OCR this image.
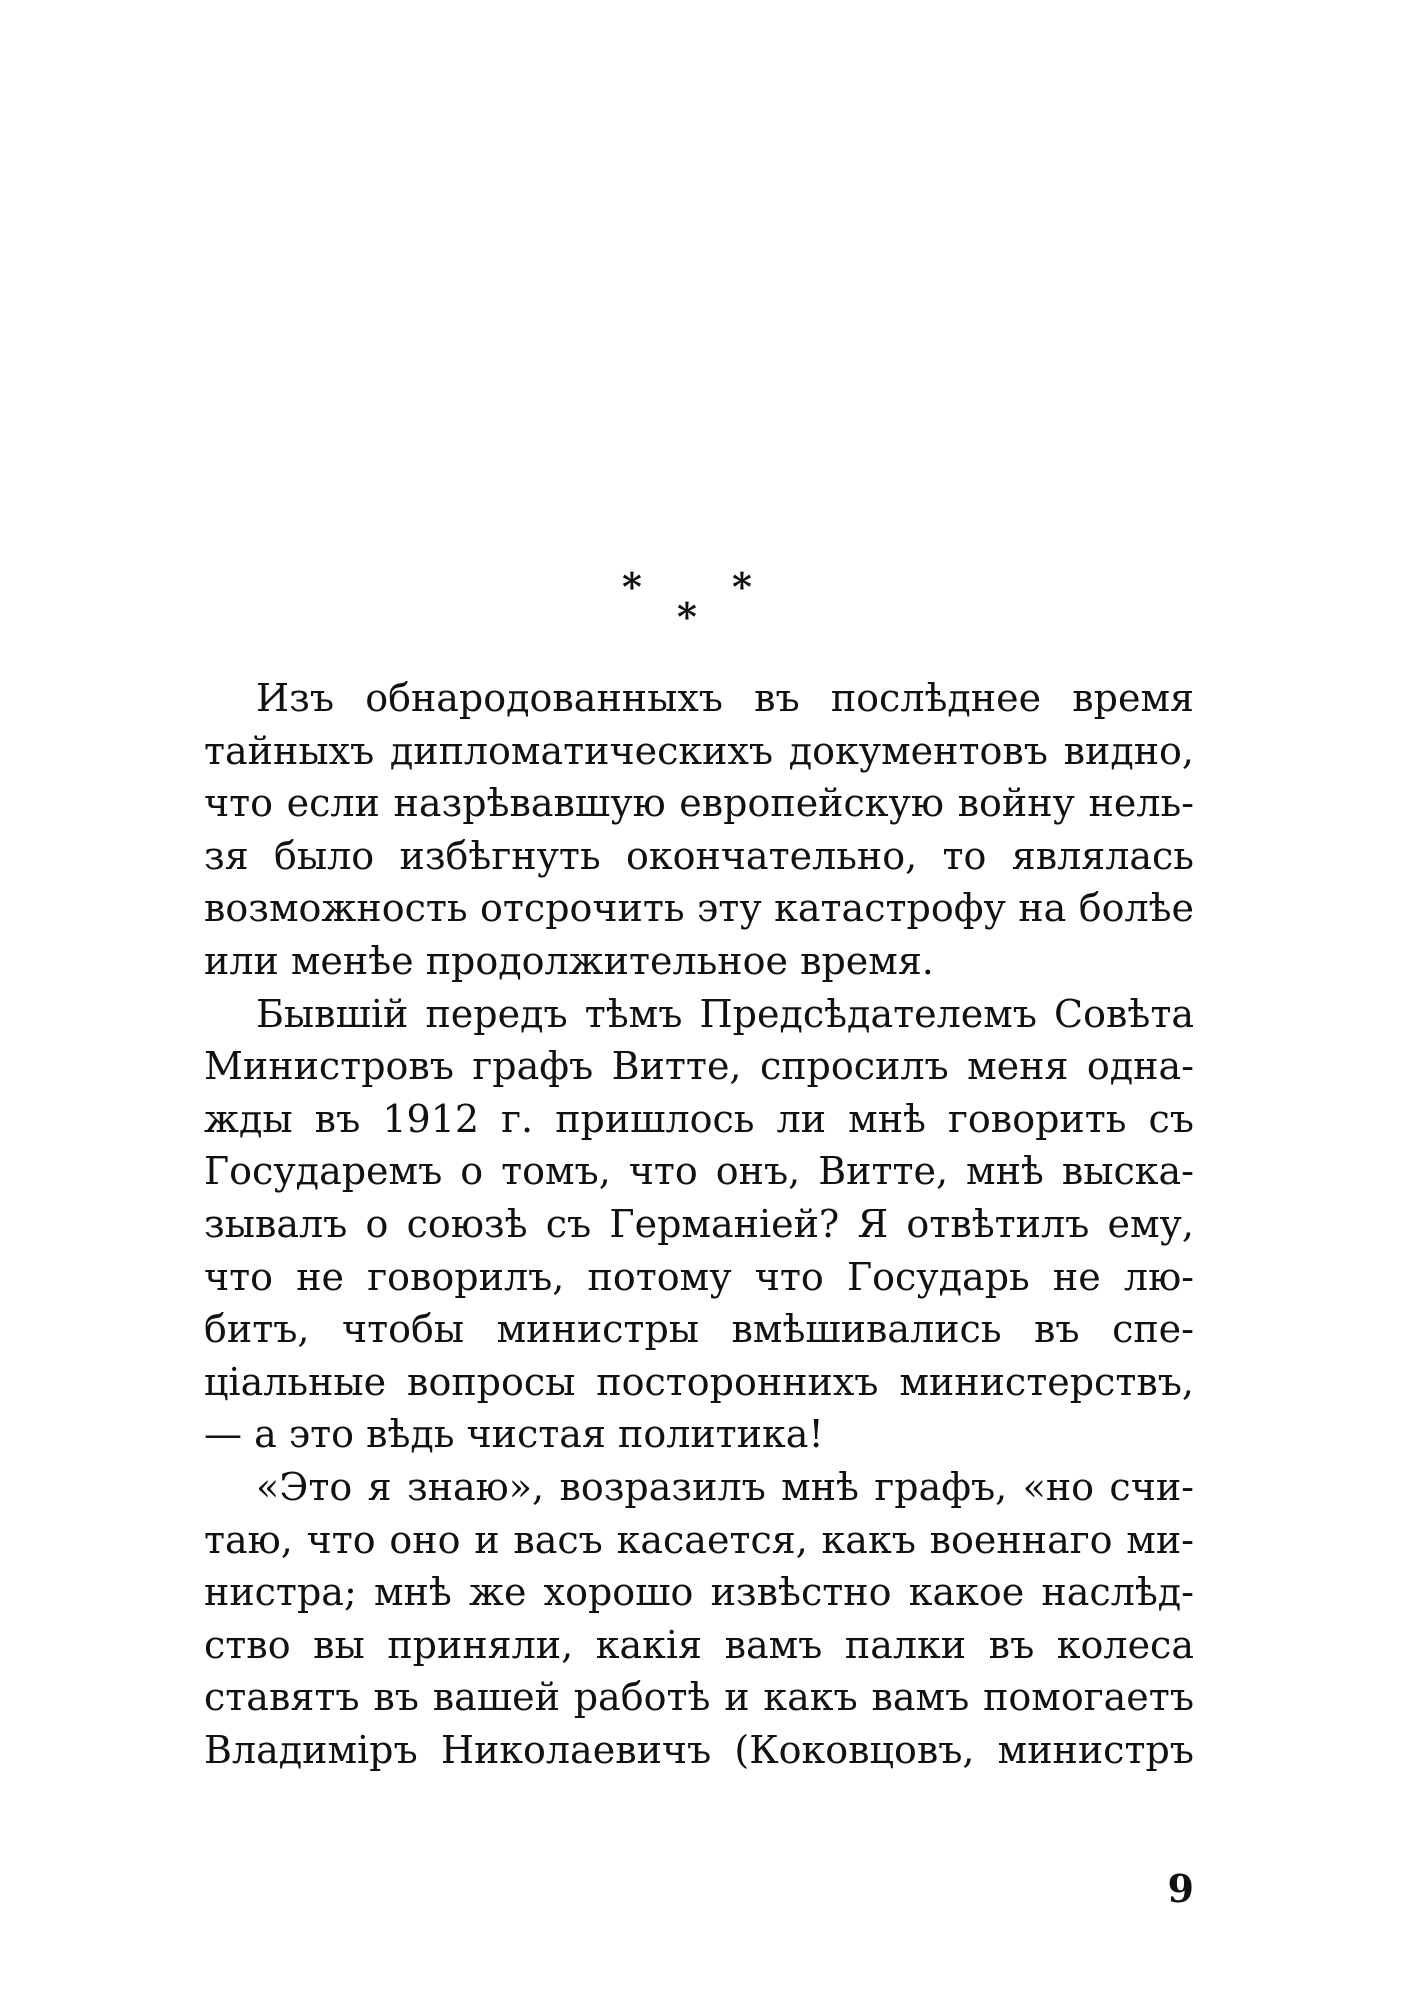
* *
*
Изъ обнародованныхъ въ послѣднее время
тайныхъ дипломатическихъ документовъ видно,
что если назрѣвавшую европейскую войну нель-
зя было избѣгнуть окончательно, то являлась
возможность отсрочить эту катастрофу на болѣе
или менѣе продолжительное время.
Бывшій передъ тѣмъ Предсѣдателемъ Совѣта
Министровъ графъ Витте, спросилъ меня одна-
жды въ 1912 г. пришлось ли мнѣ говорить съ
Государемъ о томъ, что онъ, Витте, мнѣ выска-
зывалъ о союзѣ съ Германіей? Я отвѣтилъ ему,
что не говорилъ, потому что Государь не лю-
битъ, чтобы министры вмѣшивались въ спе-
ціальные вопросы постороннихъ министерствъ,
— а это вѣдь чистая политика!
«Это я знаю», возразилъ мнѣ графъ, «но счи-
таю, что оно и васъ касается, какъ военнаго ми-
нистра; мнѣ же хорошо извѣстно какое наслѣд-
ство вы приняли, какія вамъ палки въ колеса
ставятъ въ вашей работѣ и какъ вамъ помогаетъ
Владиміръ Николаевичъ (Коковцовъ, министръ
9
